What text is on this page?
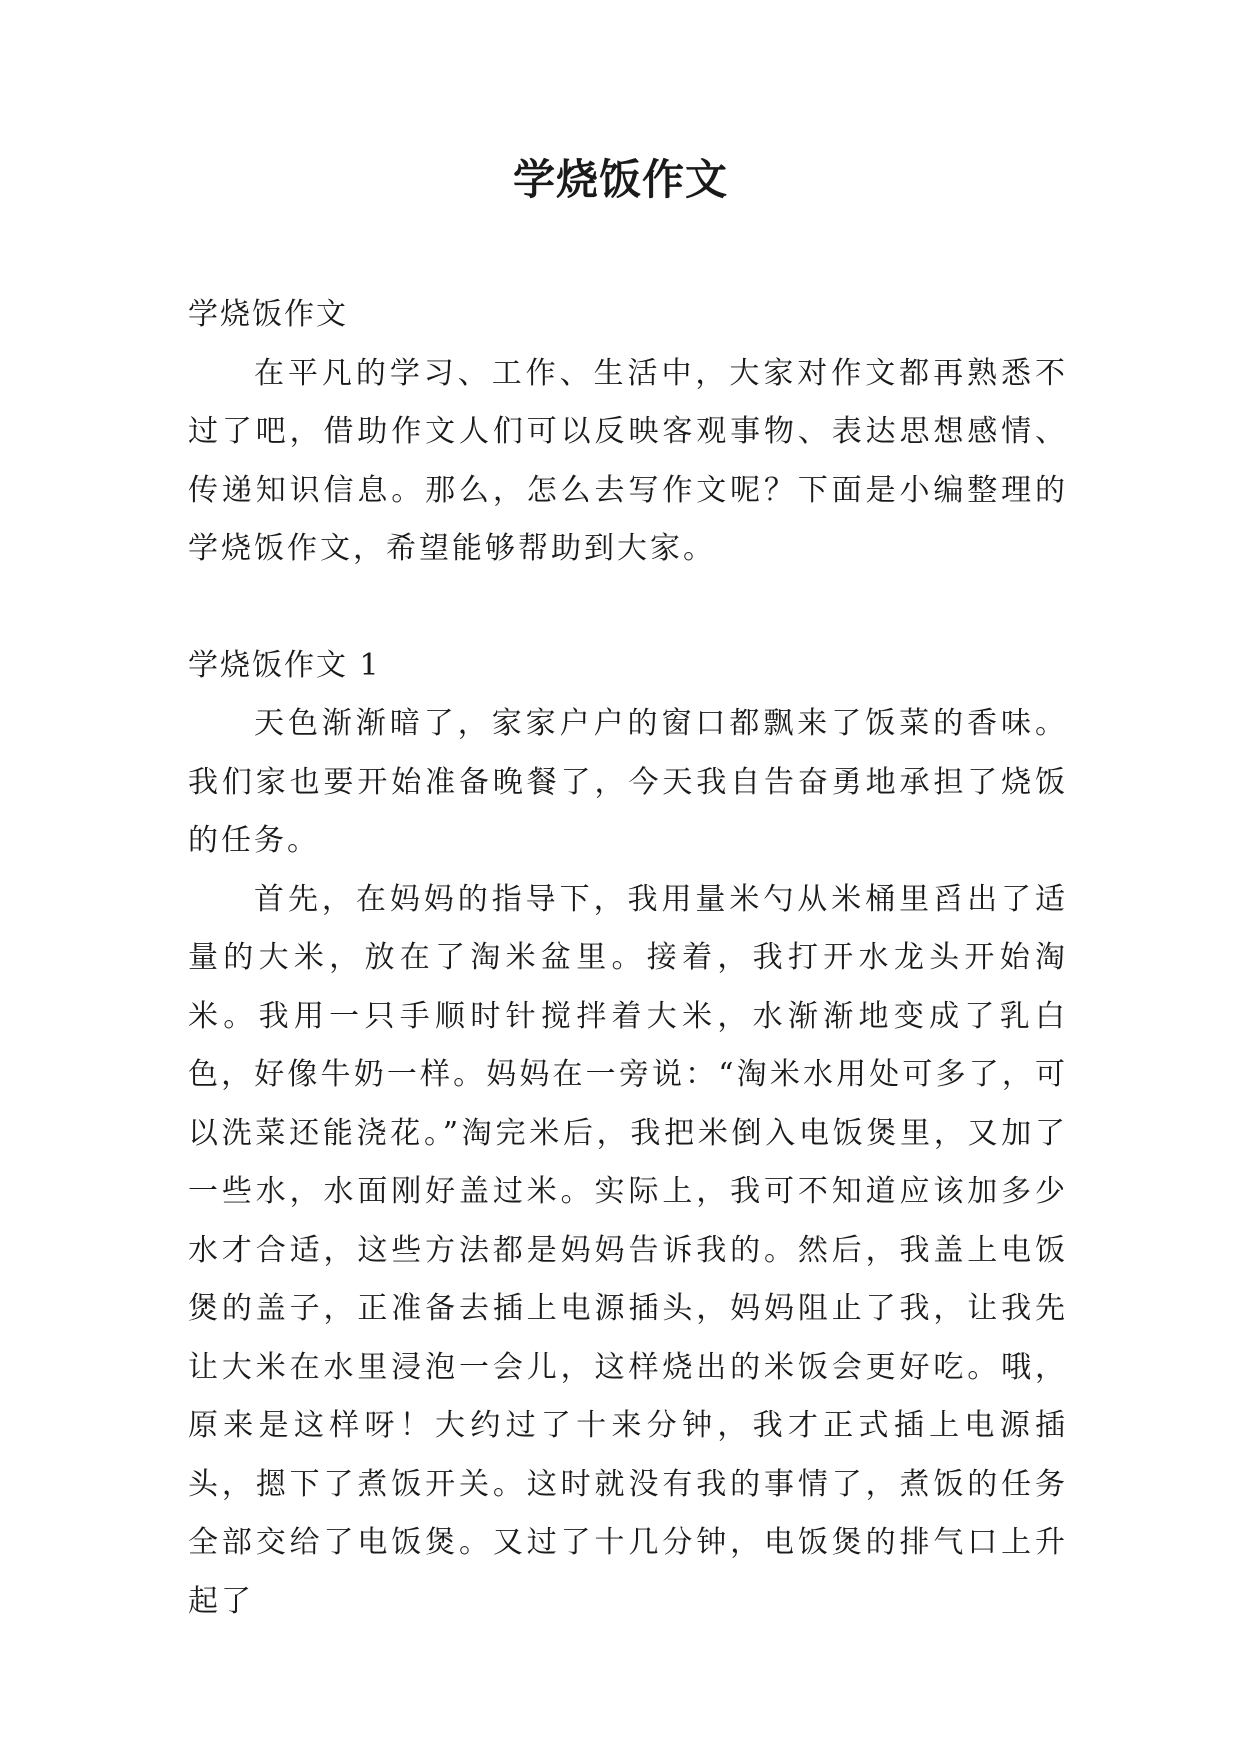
学烧饭作文

学烧饭作文

在平凡的学习、工作、生活中，大家对作文都再熟悉不过了吧，借助作文人们可以反映客观事物、表达思想感情、传递知识信息。那么，怎么去写作文呢？下面是小编整理的学烧饭作文，希望能够帮助到大家。

学烧饭作文 1

天色渐渐暗了，家家户户的窗口都飘来了饭菜的香味。我们家也要开始准备晚餐了，今天我自告奋勇地承担了烧饭的任务。

首先，在妈妈的指导下，我用量米勺从米桶里舀出了适量的大米，放在了淘米盆里。接着，我打开水龙头开始淘米。我用一只手顺时针搅拌着大米，水渐渐地变成了乳白色，好像牛奶一样。妈妈在一旁说：“淘米水用处可多了，可以洗菜还能浇花。”淘完米后，我把米倒入电饭煲里，又加了一些水，水面刚好盖过米。实际上，我可不知道应该加多少水才合适，这些方法都是妈妈告诉我的。然后，我盖上电饭煲的盖子，正准备去插上电源插头，妈妈阻止了我，让我先让大米在水里浸泡一会儿，这样烧出的米饭会更好吃。哦，原来是这样呀！大约过了十来分钟，我才正式插上电源插头，摁下了煮饭开关。这时就没有我的事情了，煮饭的任务全部交给了电饭煲。又过了十几分钟，电饭煲的排气口上升起了
